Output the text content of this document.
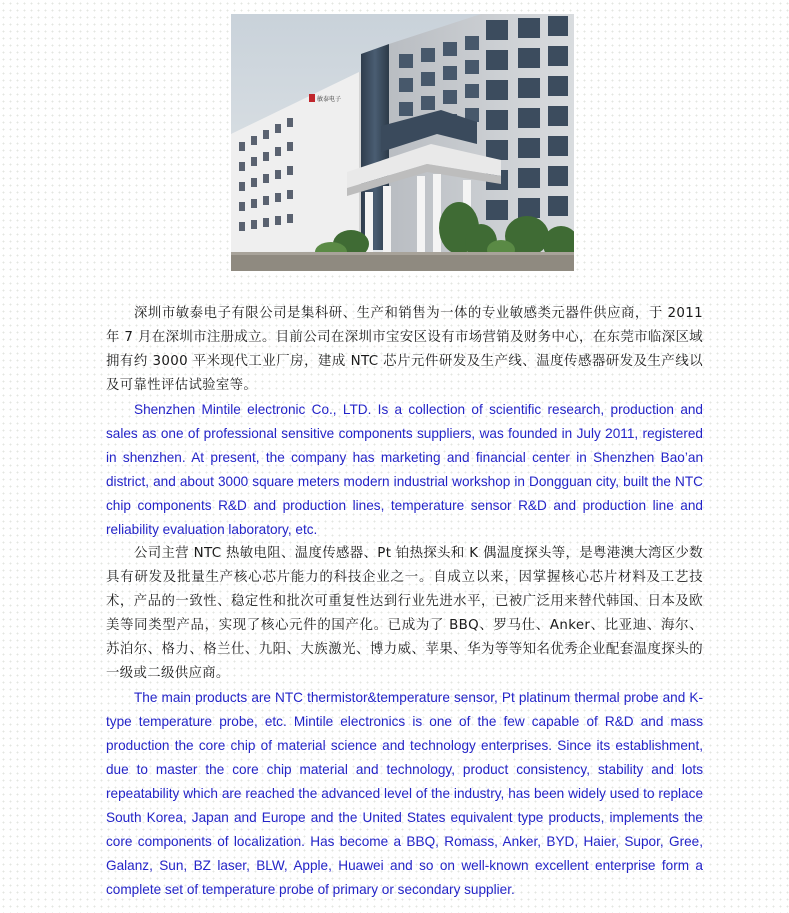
敏泰电子

深圳市敏泰电子有限公司是集科研、生产和销售为一体的专业敏感类元器件供应商，于 2011 年 7 月在深圳市注册成立。目前公司在深圳市宝安区设有市场营销及财务中心，在东莞市临深区域拥有约 3000 平米现代工业厂房，建成 NTC 芯片元件研发及生产线、温度传感器研发及生产线以及可靠性评估试验室等。

Shenzhen Mintile electronic Co., LTD. Is a collection of scientific research, production and sales as one of professional sensitive components suppliers, was founded in July 2011, registered in shenzhen. At present, the company has marketing and financial center in Shenzhen Bao’an district, and about 3000 square meters modern industrial workshop in Dongguan city, built the NTC chip components R&D and production lines, temperature sensor R&D and production line and reliability evaluation laboratory, etc.

公司主营 NTC 热敏电阻、温度传感器、Pt 铂热探头和 K 偶温度探头等，是粤港澳大湾区少数具有研发及批量生产核心芯片能力的科技企业之一。自成立以来，因掌握核心芯片材料及工艺技术，产品的一致性、稳定性和批次可重复性达到行业先进水平，已被广泛用来替代韩国、日本及欧美等同类型产品，实现了核心元件的国产化。已成为了 BBQ、罗马仕、Anker、比亚迪、海尔、苏泊尔、格力、格兰仕、九阳、大族激光、博力威、苹果、华为等等知名优秀企业配套温度探头的一级或二级供应商。

The main products are NTC thermistor&temperature sensor, Pt platinum thermal probe and K-type temperature probe, etc. Mintile electronics is one of the few capable of R&D and mass production the core chip of material science and technology enterprises. Since its establishment, due to master the core chip material and technology, product consistency, stability and lots repeatability which are reached the advanced level of the industry, has been widely used to replace South Korea, Japan and Europe and the United States equivalent type products, implements the core components of localization. Has become a BBQ, Romass, Anker, BYD, Haier, Supor, Gree, Galanz, Sun, BZ laser, BLW, Apple, Huawei and so on well-known excellent enterprise form a complete set of temperature probe of primary or secondary supplier.
